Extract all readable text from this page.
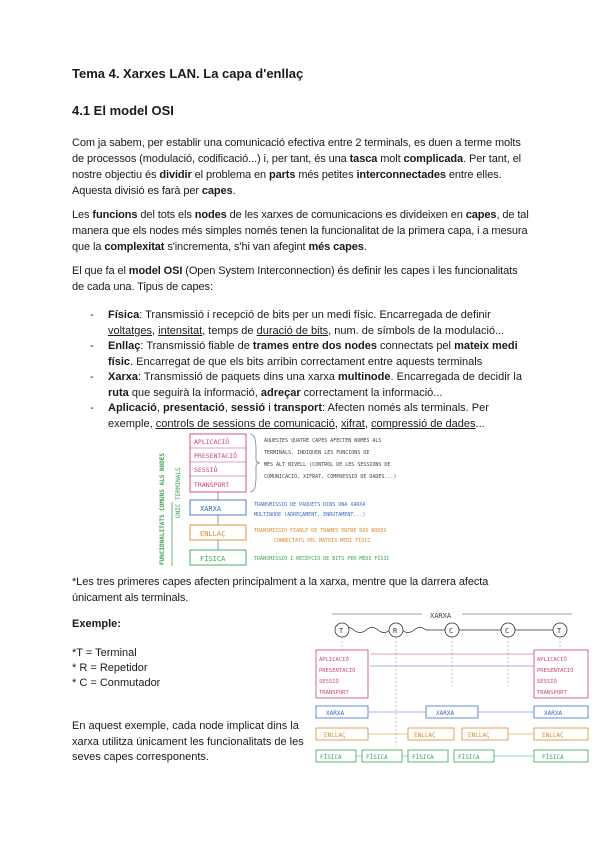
Tema 4. Xarxes LAN. La capa d'enllaç
4.1 El model OSI

Com ja sabem, per establir una comunicació efectiva entre 2 terminals, es duen a terme molts de processos (modulació, codificació...) i, per tant, és una tasca molt complicada. Per tant, el nostre objectiu és dividir el problema en parts més petites interconnectades entre elles. Aquesta divisió es farà per capes.

Les funcions del tots els nodes de les xarxes de comunicacions es divideixen en capes, de tal manera que els nodes més simples només tenen la funcionalitat de la primera capa, i a mesura que la complexitat s'incrementa, s'hi van afegint més capes.

El que fa el model OSI (Open System Interconnection) és definir les capes i les funcionalitats de cada una. Tipus de capes:

- Física: Transmissió i recepció de bits per un medi físic. Encarregada de definir voltatges, intensitat, temps de duració de bits, num. de símbols de la modulació...
- Enllaç: Transmissió fiable de trames entre dos nodes connectats pel mateix medi físic. Encarregat de que els bits arribin correctament entre aquests terminals
- Xarxa: Transmissió de paquets dins una xarxa multinode. Encarregada de decidir la ruta que seguirà la informació, adreçar correctament la informació...
- Aplicació, presentació, sessió i transport: Afecten només als terminals. Per exemple, controls de sessions de comunicació, xifrat, compressió de dades...
FUNCIONALITATS COMUNS ALS NODES ÚNIC TERMINALS
APLICACIÓ
PRESENTACIÓ
SESSIÓ
TRANSPORT
XARXA
ENLLAÇ
FÍSICA
AQUESTES QUATRE CAPES AFECTEN NOMÉS ALS
TERMINALS. INDIQUEN LES FUNCIONS DE
MÉS ALT NIVELL (CONTROL DE LES SESSIONS DE
COMUNICACIÓ, XIFRAT, COMPRESSIÓ DE DADES...)
TRANSMISSIÓ DE PAQUETS DINS UNA XARXA
MULTINODE (ADREÇAMENT, ENRUTAMENT...)
TRANSMISSIÓ FIABLE DE TRAMES ENTRE DOS NODES
CONNECTATS PEL MATEIX MEDI FÍSIC
TRANSMISSIÓ I RECEPCIÓ DE BITS PER MEDI FÍSIC

*Les tres primeres capes afecten principalment a la xarxa, mentre que la darrera afecta únicament als terminals.

Exemple:

*T = Terminal
* R = Repetidor
* C = Conmutador

En aquest exemple, cada node implicat dins la xarxa utilitza únicament les funcionalitats de les seves capes corresponents.

XARXA
T	R	C	C	T
APLICACIÓ
PRESENTACIÓ
SESSIÓ
TRANSPORT
APLICACIÓ
PRESENTACIÓ
SESSIÓ
TRANSPORT
XARXA	XARXA	XARXA
ENLLAÇ	ENLLAÇ	ENLLAÇ	ENLLAÇ
FÍSICA	FÍSICA	FÍSICA	FÍSICA	FÍSICA
